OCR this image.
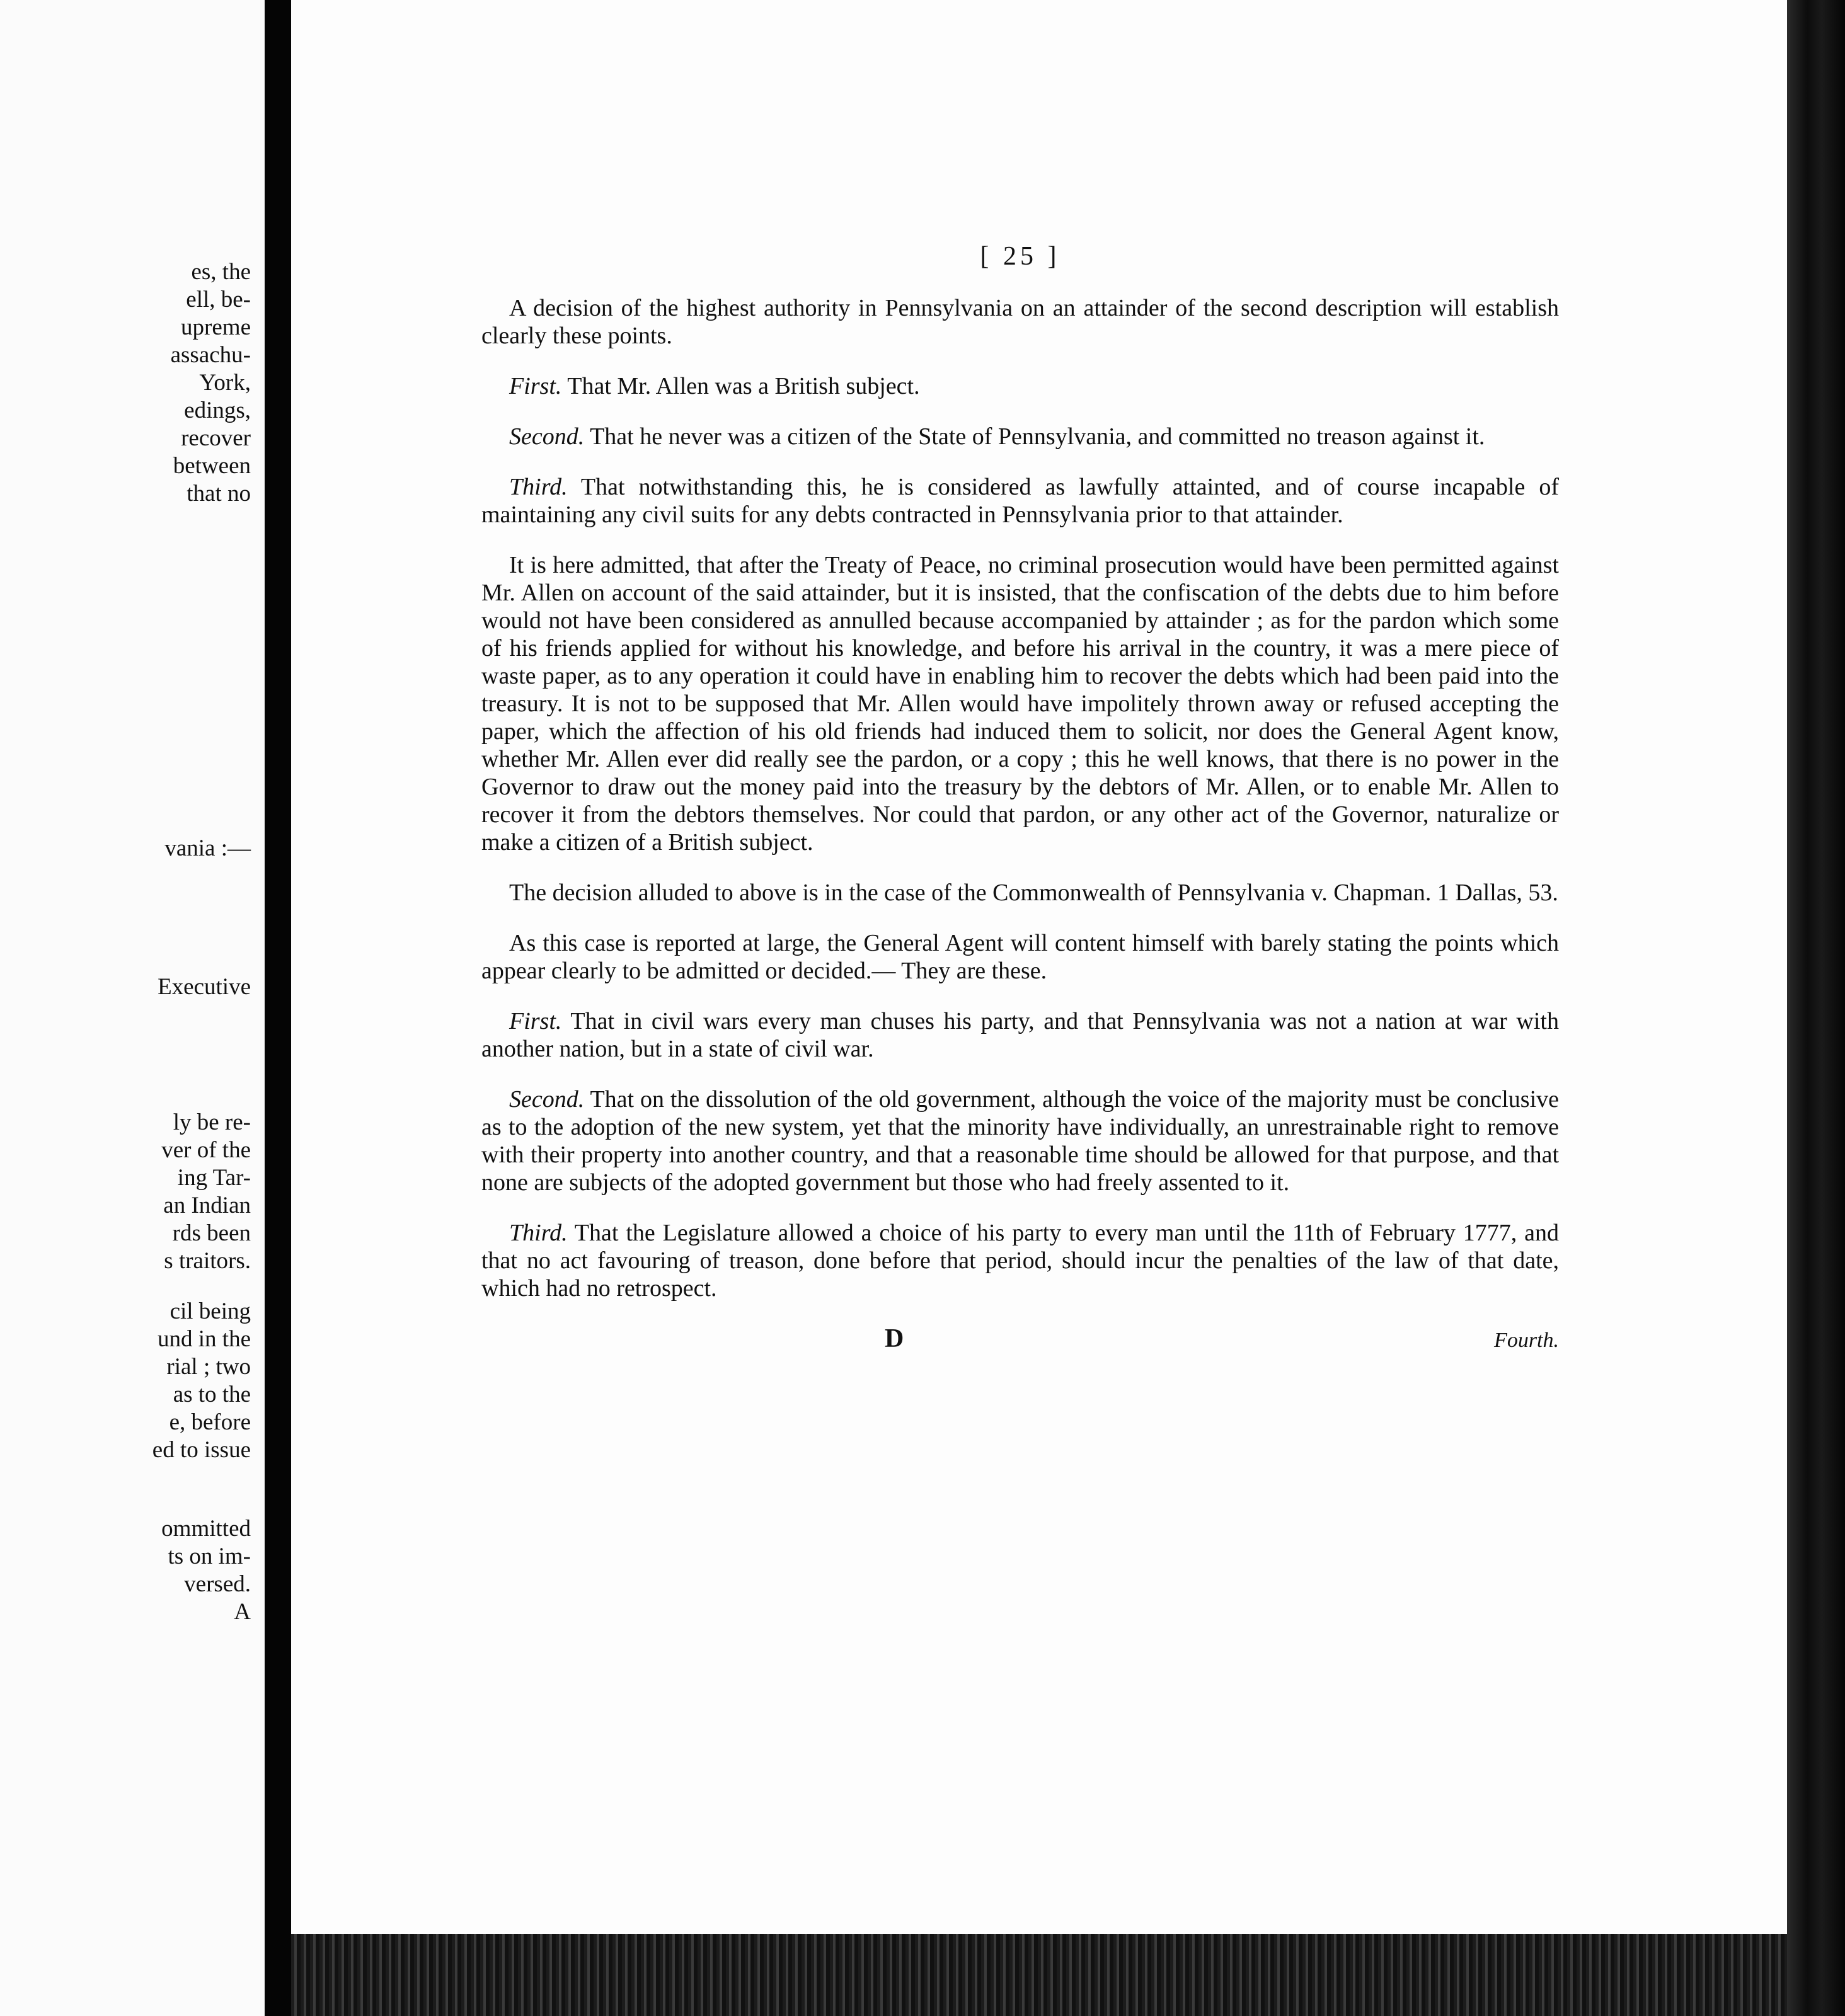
es, the
ell, be-
upreme
assachu-
York,
edings,
recover
between
that no
vania :—
Executive
ly be re-
ver of the
ing Tar-
an Indian
rds been
s traitors.
cil being
und in the
rial ; two
as to the
e, before
ed to issue
ommitted
ts on im-
versed.
A
[ 25 ]

A decision of the highest authority in Pennsylvania on an attainder of the second description will establish clearly these points.

First. That Mr. Allen was a British subject.

Second. That he never was a citizen of the State of Pennsylvania, and committed no treason against it.

Third. That notwithstanding this, he is considered as lawfully attainted, and of course incapable of maintaining any civil suits for any debts contracted in Pennsylvania prior to that attainder.

It is here admitted, that after the Treaty of Peace, no criminal prosecution would have been permitted against Mr. Allen on account of the said attainder, but it is insisted, that the confiscation of the debts due to him before would not have been considered as annulled because accompanied by attainder ; as for the pardon which some of his friends applied for without his knowledge, and before his arrival in the country, it was a mere piece of waste paper, as to any operation it could have in enabling him to recover the debts which had been paid into the treasury. It is not to be supposed that Mr. Allen would have impolitely thrown away or refused accepting the paper, which the affection of his old friends had induced them to solicit, nor does the General Agent know, whether Mr. Allen ever did really see the pardon, or a copy ; this he well knows, that there is no power in the Governor to draw out the money paid into the treasury by the debtors of Mr. Allen, or to enable Mr. Allen to recover it from the debtors themselves. Nor could that pardon, or any other act of the Governor, naturalize or make a citizen of a British subject.

The decision alluded to above is in the case of the Commonwealth of Pennsylvania v. Chapman. 1 Dallas, 53.

As this case is reported at large, the General Agent will content himself with barely stating the points which appear clearly to be admitted or decided.— They are these.

First. That in civil wars every man chuses his party, and that Pennsylvania was not a nation at war with another nation, but in a state of civil war.

Second. That on the dissolution of the old government, although the voice of the majority must be conclusive as to the adoption of the new system, yet that the minority have individually, an unrestrainable right to remove with their property into another country, and that a reasonable time should be allowed for that purpose, and that none are subjects of the adopted government but those who had freely assented to it.

Third. That the Legislature allowed a choice of his party to every man until the 11th of February 1777, and that no act favouring of treason, done before that period, should incur the penalties of the law of that date, which had no retrospect.

D	Fourth.
